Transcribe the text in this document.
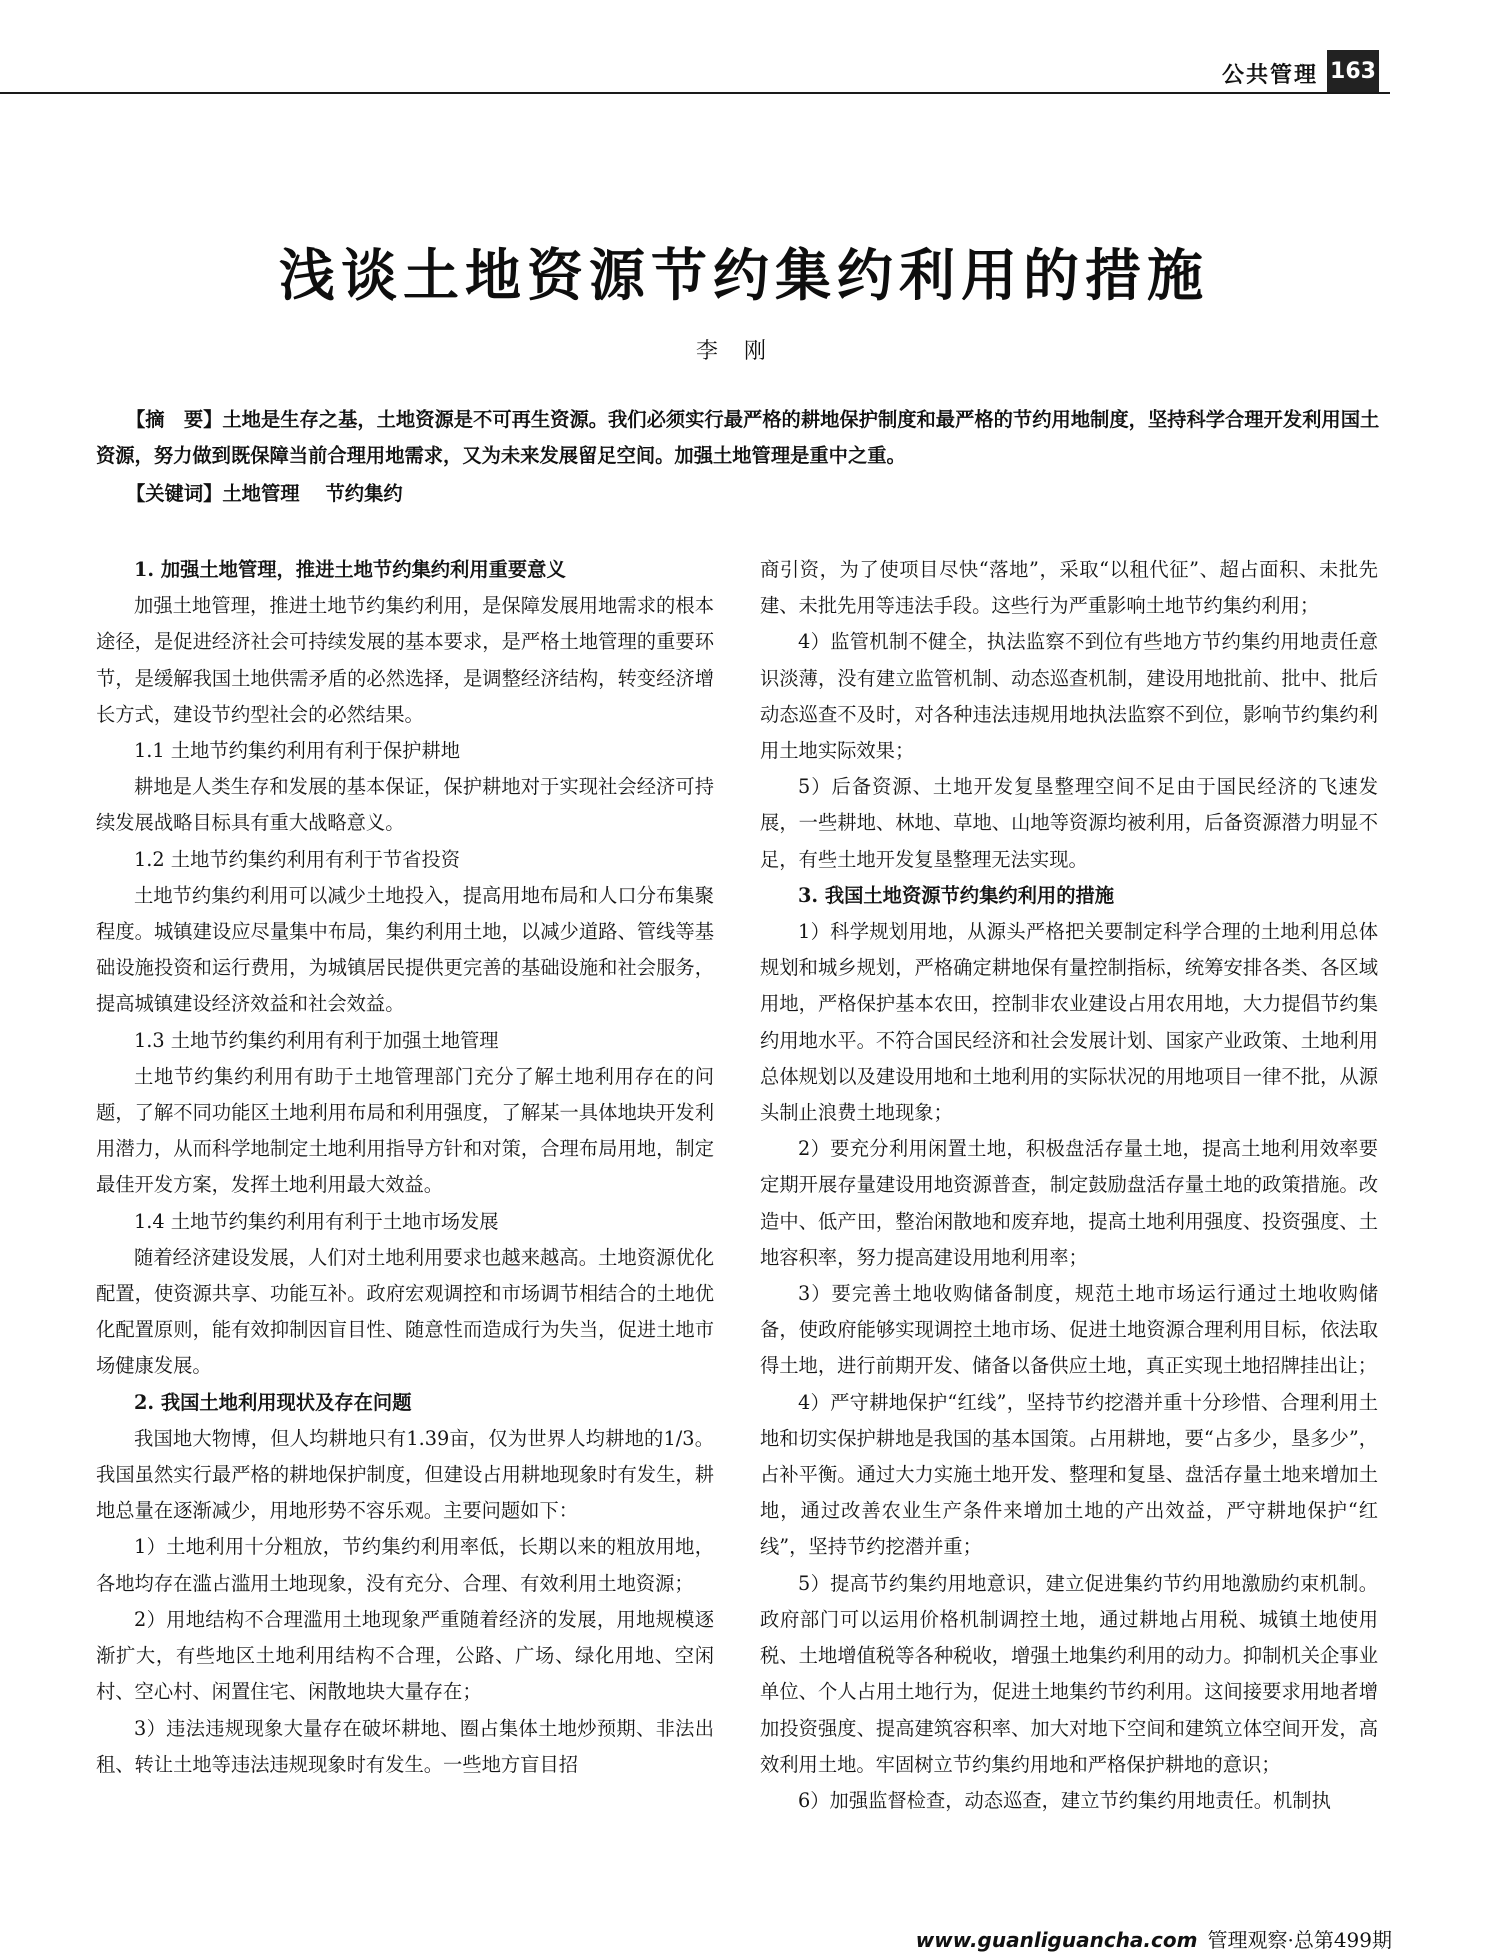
公共管理 163
浅谈土地资源节约集约利用的措施
李刚
【摘　要】土地是生存之基，土地资源是不可再生资源。我们必须实行最严格的耕地保护制度和最严格的节约用地制度，坚持科学合理开发利用国土资源，努力做到既保障当前合理用地需求，又为未来发展留足空间。加强土地管理是重中之重。
【关键词】土地管理 节约集约
1. 加强土地管理，推进土地节约集约利用重要意义

加强土地管理，推进土地节约集约利用，是保障发展用地需求的根本途径，是促进经济社会可持续发展的基本要求，是严格土地管理的重要环节，是缓解我国土地供需矛盾的必然选择，是调整经济结构，转变经济增长方式，建设节约型社会的必然结果。

1.1 土地节约集约利用有利于保护耕地

耕地是人类生存和发展的基本保证，保护耕地对于实现社会经济可持续发展战略目标具有重大战略意义。

1.2 土地节约集约利用有利于节省投资

土地节约集约利用可以减少土地投入，提高用地布局和人口分布集聚程度。城镇建设应尽量集中布局，集约利用土地，以减少道路、管线等基础设施投资和运行费用，为城镇居民提供更完善的基础设施和社会服务，提高城镇建设经济效益和社会效益。

1.3 土地节约集约利用有利于加强土地管理

土地节约集约利用有助于土地管理部门充分了解土地利用存在的问题，了解不同功能区土地利用布局和利用强度，了解某一具体地块开发利用潜力，从而科学地制定土地利用指导方针和对策，合理布局用地，制定最佳开发方案，发挥土地利用最大效益。

1.4 土地节约集约利用有利于土地市场发展

随着经济建设发展，人们对土地利用要求也越来越高。土地资源优化配置，使资源共享、功能互补。政府宏观调控和市场调节相结合的土地优化配置原则，能有效抑制因盲目性、随意性而造成行为失当，促进土地市场健康发展。

2. 我国土地利用现状及存在问题

我国地大物博，但人均耕地只有1.39亩，仅为世界人均耕地的1/3。我国虽然实行最严格的耕地保护制度，但建设占用耕地现象时有发生，耕地总量在逐渐减少，用地形势不容乐观。主要问题如下：

1）土地利用十分粗放，节约集约利用率低，长期以来的粗放用地，各地均存在滥占滥用土地现象，没有充分、合理、有效利用土地资源；

2）用地结构不合理滥用土地现象严重随着经济的发展，用地规模逐渐扩大，有些地区土地利用结构不合理，公路、广场、绿化用地、空闲村、空心村、闲置住宅、闲散地块大量存在；

3）违法违规现象大量存在破坏耕地、圈占集体土地炒预期、非法出租、转让土地等违法违规现象时有发生。一些地方盲目招

商引资，为了使项目尽快“落地”，采取“以租代征”、超占面积、未批先建、未批先用等违法手段。这些行为严重影响土地节约集约利用；

4）监管机制不健全，执法监察不到位有些地方节约集约用地责任意识淡薄，没有建立监管机制、动态巡查机制，建设用地批前、批中、批后动态巡查不及时，对各种违法违规用地执法监察不到位，影响节约集约利用土地实际效果；

5）后备资源、土地开发复垦整理空间不足由于国民经济的飞速发展，一些耕地、林地、草地、山地等资源均被利用，后备资源潜力明显不足，有些土地开发复垦整理无法实现。

3. 我国土地资源节约集约利用的措施

1）科学规划用地，从源头严格把关要制定科学合理的土地利用总体规划和城乡规划，严格确定耕地保有量控制指标，统筹安排各类、各区域用地，严格保护基本农田，控制非农业建设占用农用地，大力提倡节约集约用地水平。不符合国民经济和社会发展计划、国家产业政策、土地利用总体规划以及建设用地和土地利用的实际状况的用地项目一律不批，从源头制止浪费土地现象；

2）要充分利用闲置土地，积极盘活存量土地，提高土地利用效率要定期开展存量建设用地资源普查，制定鼓励盘活存量土地的政策措施。改造中、低产田，整治闲散地和废弃地，提高土地利用强度、投资强度、土地容积率，努力提高建设用地利用率；

3）要完善土地收购储备制度，规范土地市场运行通过土地收购储备，使政府能够实现调控土地市场、促进土地资源合理利用目标，依法取得土地，进行前期开发、储备以备供应土地，真正实现土地招牌挂出让；

4）严守耕地保护“红线”，坚持节约挖潜并重十分珍惜、合理利用土地和切实保护耕地是我国的基本国策。占用耕地，要“占多少，垦多少”，占补平衡。通过大力实施土地开发、整理和复垦、盘活存量土地来增加土地，通过改善农业生产条件来增加土地的产出效益，严守耕地保护“红线”，坚持节约挖潜并重；

5）提高节约集约用地意识，建立促进集约节约用地激励约束机制。政府部门可以运用价格机制调控土地，通过耕地占用税、城镇土地使用税、土地增值税等各种税收，增强土地集约利用的动力。抑制机关企事业单位、个人占用土地行为，促进土地集约节约利用。这间接要求用地者增加投资强度、提高建筑容积率、加大对地下空间和建筑立体空间开发，高效利用土地。牢固树立节约集约用地和严格保护耕地的意识；

6）加强监督检查，动态巡查，建立节约集约用地责任。机制执

www.guanliguancha.com 管理观察·总第499期
